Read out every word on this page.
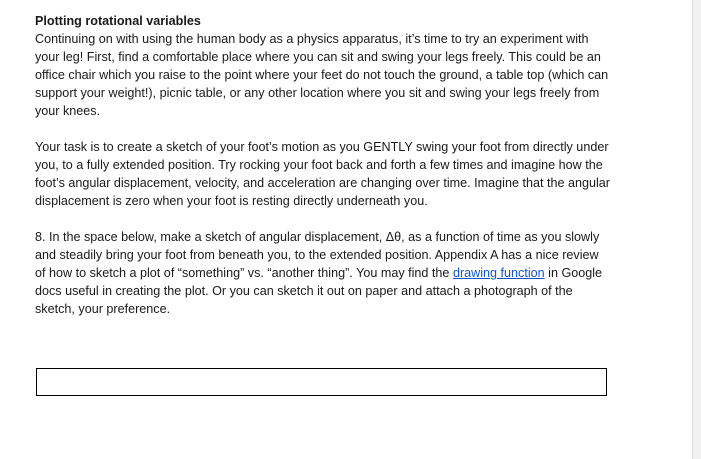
Plotting rotational variables

Continuing on with using the human body as a physics apparatus, it’s time to try an experiment with your leg! First, find a comfortable place where you can sit and swing your legs freely. This could be an office chair which you raise to the point where your feet do not touch the ground, a table top (which can support your weight!), picnic table, or any other location where you sit and swing your legs freely from your knees.

Your task is to create a sketch of your foot’s motion as you GENTLY swing your foot from directly under you, to a fully extended position. Try rocking your foot back and forth a few times and imagine how the foot’s angular displacement, velocity, and acceleration are changing over time. Imagine that the angular displacement is zero when your foot is resting directly underneath you.

8. In the space below, make a sketch of angular displacement, Δθ, as a function of time as you slowly and steadily bring your foot from beneath you, to the extended position. Appendix A has a nice review of how to sketch a plot of “something” vs. “another thing”. You may find the drawing function in Google docs useful in creating the plot. Or you can sketch it out on paper and attach a photograph of the sketch, your preference.
